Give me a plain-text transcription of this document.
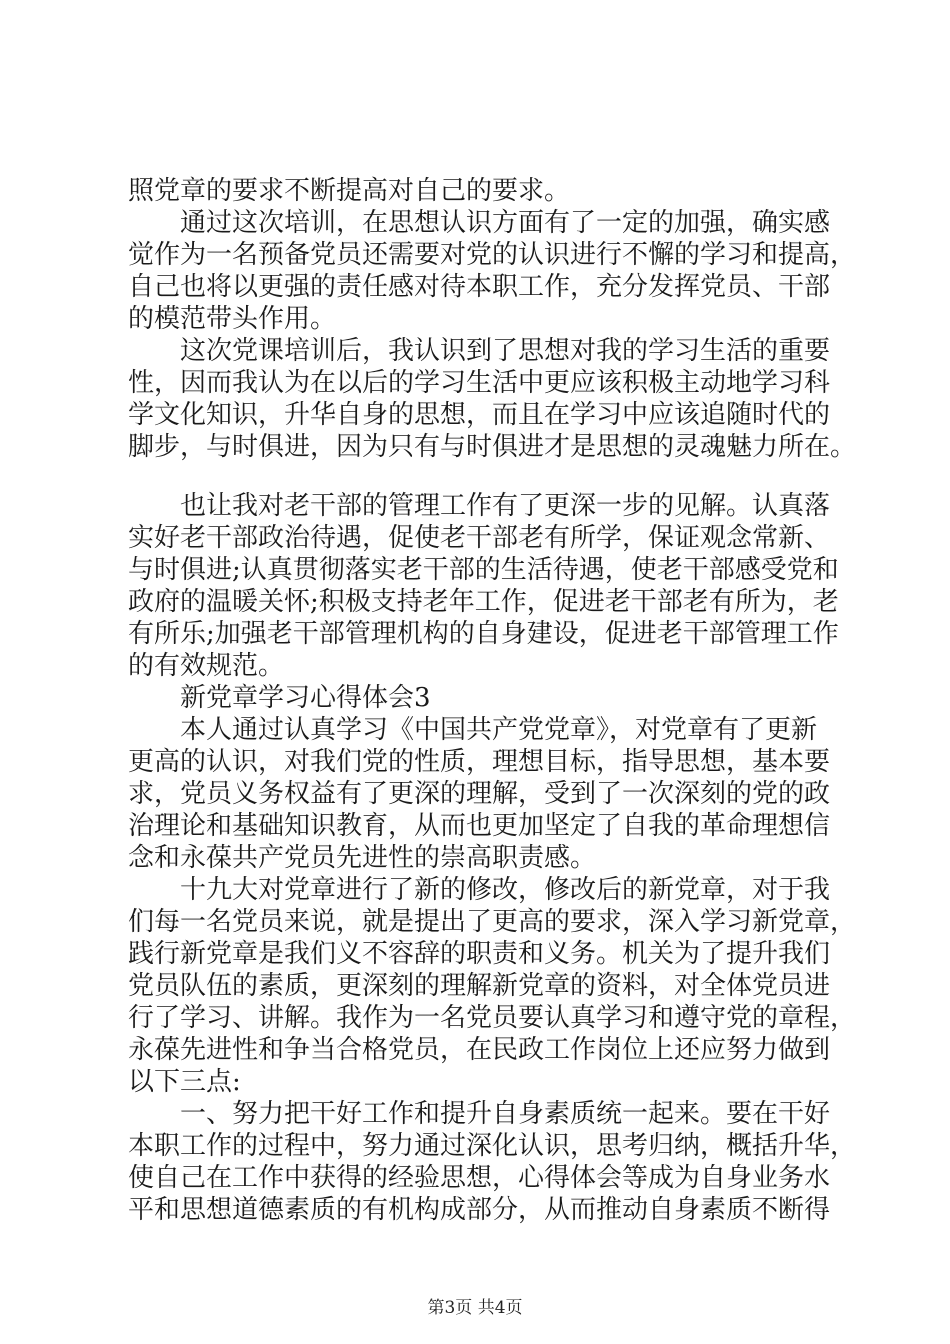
照党章的要求不断提高对自己的要求。
通过这次培训，在思想认识方面有了一定的加强，确实感
觉作为一名预备党员还需要对党的认识进行不懈的学习和提高，
自己也将以更强的责任感对待本职工作，充分发挥党员、干部
的模范带头作用。
这次党课培训后，我认识到了思想对我的学习生活的重要
性，因而我认为在以后的学习生活中更应该积极主动地学习科
学文化知识，升华自身的思想，而且在学习中应该追随时代的
脚步，与时俱进，因为只有与时俱进才是思想的灵魂魅力所在。
也让我对老干部的管理工作有了更深一步的见解。认真落
实好老干部政治待遇，促使老干部老有所学，保证观念常新、
与时俱进;认真贯彻落实老干部的生活待遇，使老干部感受党和
政府的温暖关怀;积极支持老年工作，促进老干部老有所为，老
有所乐;加强老干部管理机构的自身建设，促进老干部管理工作
的有效规范。
新党章学习心得体会3
本人通过认真学习《中国共产党党章》，对党章有了更新
更高的认识，对我们党的性质，理想目标，指导思想，基本要
求，党员义务权益有了更深的理解，受到了一次深刻的党的政
治理论和基础知识教育，从而也更加坚定了自我的革命理想信
念和永葆共产党员先进性的崇高职责感。
十九大对党章进行了新的修改，修改后的新党章，对于我
们每一名党员来说，就是提出了更高的要求，深入学习新党章，
践行新党章是我们义不容辞的职责和义务。机关为了提升我们
党员队伍的素质，更深刻的理解新党章的资料，对全体党员进
行了学习、讲解。我作为一名党员要认真学习和遵守党的章程，
永葆先进性和争当合格党员，在民政工作岗位上还应努力做到
以下三点:
一、努力把干好工作和提升自身素质统一起来。要在干好
本职工作的过程中，努力通过深化认识，思考归纳，概括升华，
使自己在工作中获得的经验思想，心得体会等成为自身业务水
平和思想道德素质的有机构成部分，从而推动自身素质不断得
第3页 共4页
